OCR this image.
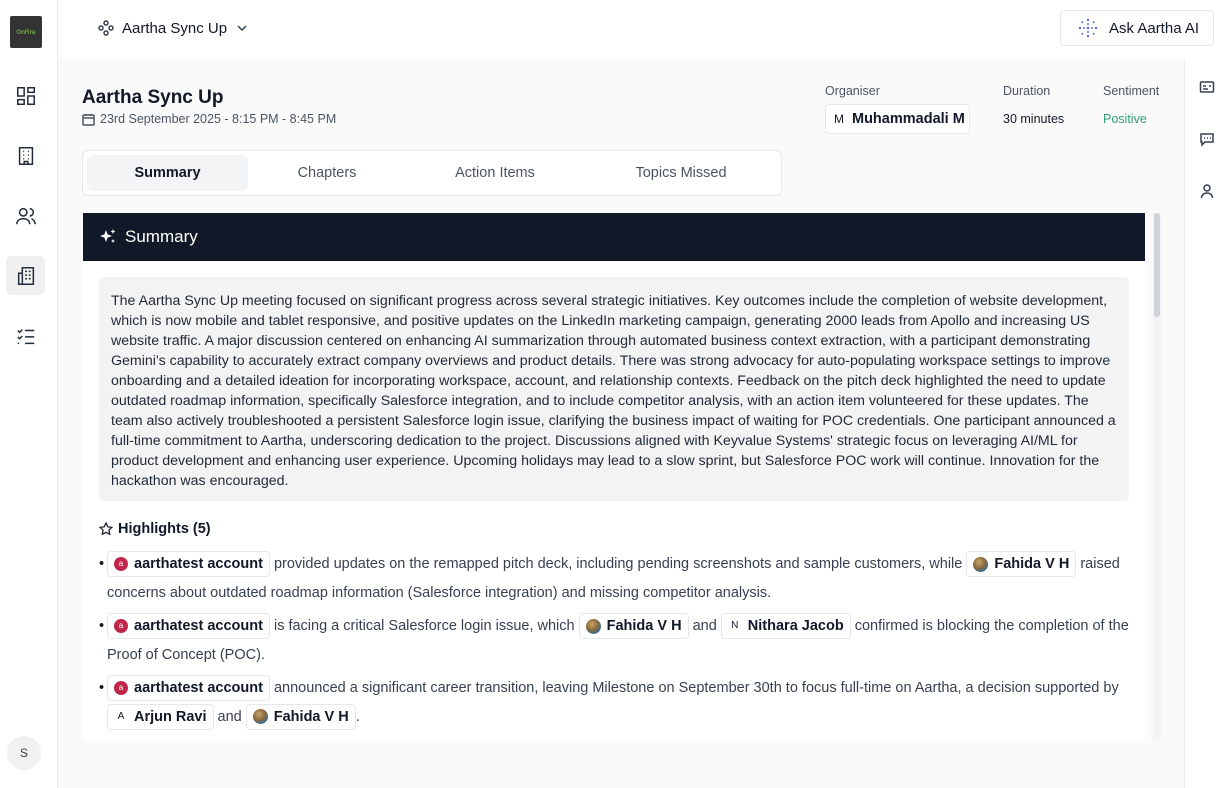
OnFire
S
Aartha Sync Up	Ask Aartha AI
Aartha Sync Up
23rd September 2025 - 8:15 PM - 8:45 PM
Organiser
M Muhammadali M
Duration
30 minutes
Sentiment
Positive
Summary	Chapters	Action Items	Topics Missed
Summary
The Aartha Sync Up meeting focused on significant progress across several strategic initiatives. Key outcomes include the completion of website development, which is now mobile and tablet responsive, and positive updates on the LinkedIn marketing campaign, generating 2000 leads from Apollo and increasing US website traffic. A major discussion centered on enhancing AI summarization through automated business context extraction, with a participant demonstrating Gemini's capability to accurately extract company overviews and product details. There was strong advocacy for auto-populating workspace settings to improve onboarding and a detailed ideation for incorporating workspace, account, and relationship contexts. Feedback on the pitch deck highlighted the need to update outdated roadmap information, specifically Salesforce integration, and to include competitor analysis, with an action item volunteered for these updates. The team also actively troubleshooted a persistent Salesforce login issue, clarifying the business impact of waiting for POC credentials. One participant announced a full-time commitment to Aartha, underscoring dedication to the project. Discussions aligned with Keyvalue Systems' strategic focus on leveraging AI/ML for product development and enhancing user experience. Upcoming holidays may lead to a slow sprint, but Salesforce POC work will continue. Innovation for the hackathon was encouraged.
Highlights (5)
• a aarthatest account provided updates on the remapped pitch deck, including pending screenshots and sample customers, while Fahida V H raised concerns about outdated roadmap information (Salesforce integration) and missing competitor analysis.
• a aarthatest account is facing a critical Salesforce login issue, which Fahida V H and	N Nithara Jacob confirmed is blocking the completion of the Proof of Concept (POC).
• a aarthatest account announced a significant career transition, leaving Milestone on September 30th to focus full-time on Aartha, a decision supported by
A Arjun Ravi and Fahida V H .
